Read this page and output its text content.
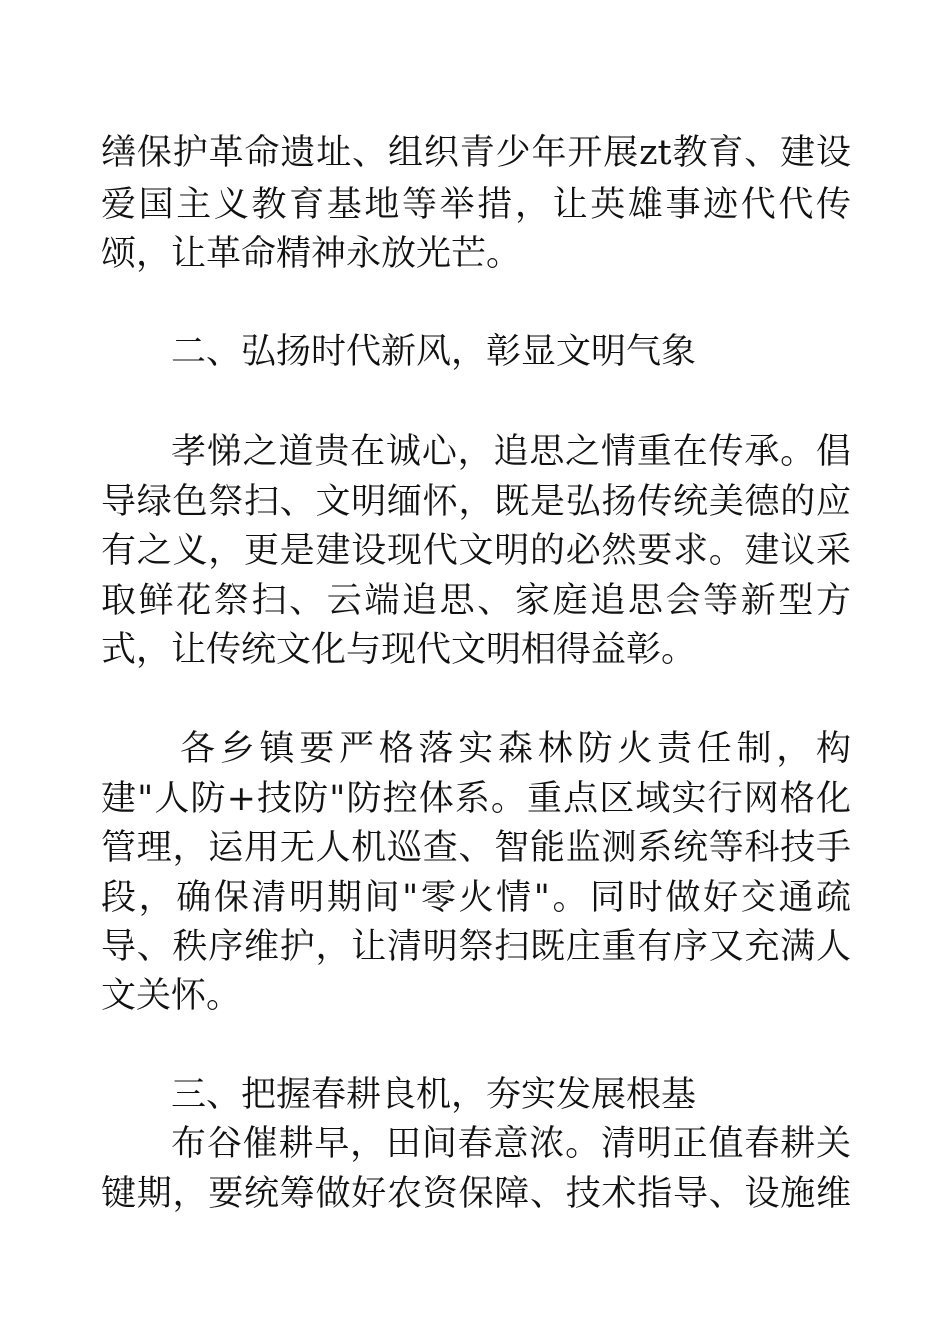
缮保护革命遗址、组织青少年开展zt教育、建设
爱国主义教育基地等举措，让英雄事迹代代传
颂，让革命精神永放光芒。
二、弘扬时代新风，彰显文明气象
孝悌之道贵在诚心，追思之情重在传承。倡
导绿色祭扫、文明缅怀，既是弘扬传统美德的应
有之义，更是建设现代文明的必然要求。建议采
取鲜花祭扫、云端追思、家庭追思会等新型方
式，让传统文化与现代文明相得益彰。
各乡镇要严格落实森林防火责任制，构
建"人防+技防"防控体系。重点区域实行网格化
管理，运用无人机巡查、智能监测系统等科技手
段，确保清明期间"零火情"。同时做好交通疏
导、秩序维护，让清明祭扫既庄重有序又充满人
文关怀。
三、把握春耕良机，夯实发展根基
布谷催耕早，田间春意浓。清明正值春耕关
键期，要统筹做好农资保障、技术指导、设施维
